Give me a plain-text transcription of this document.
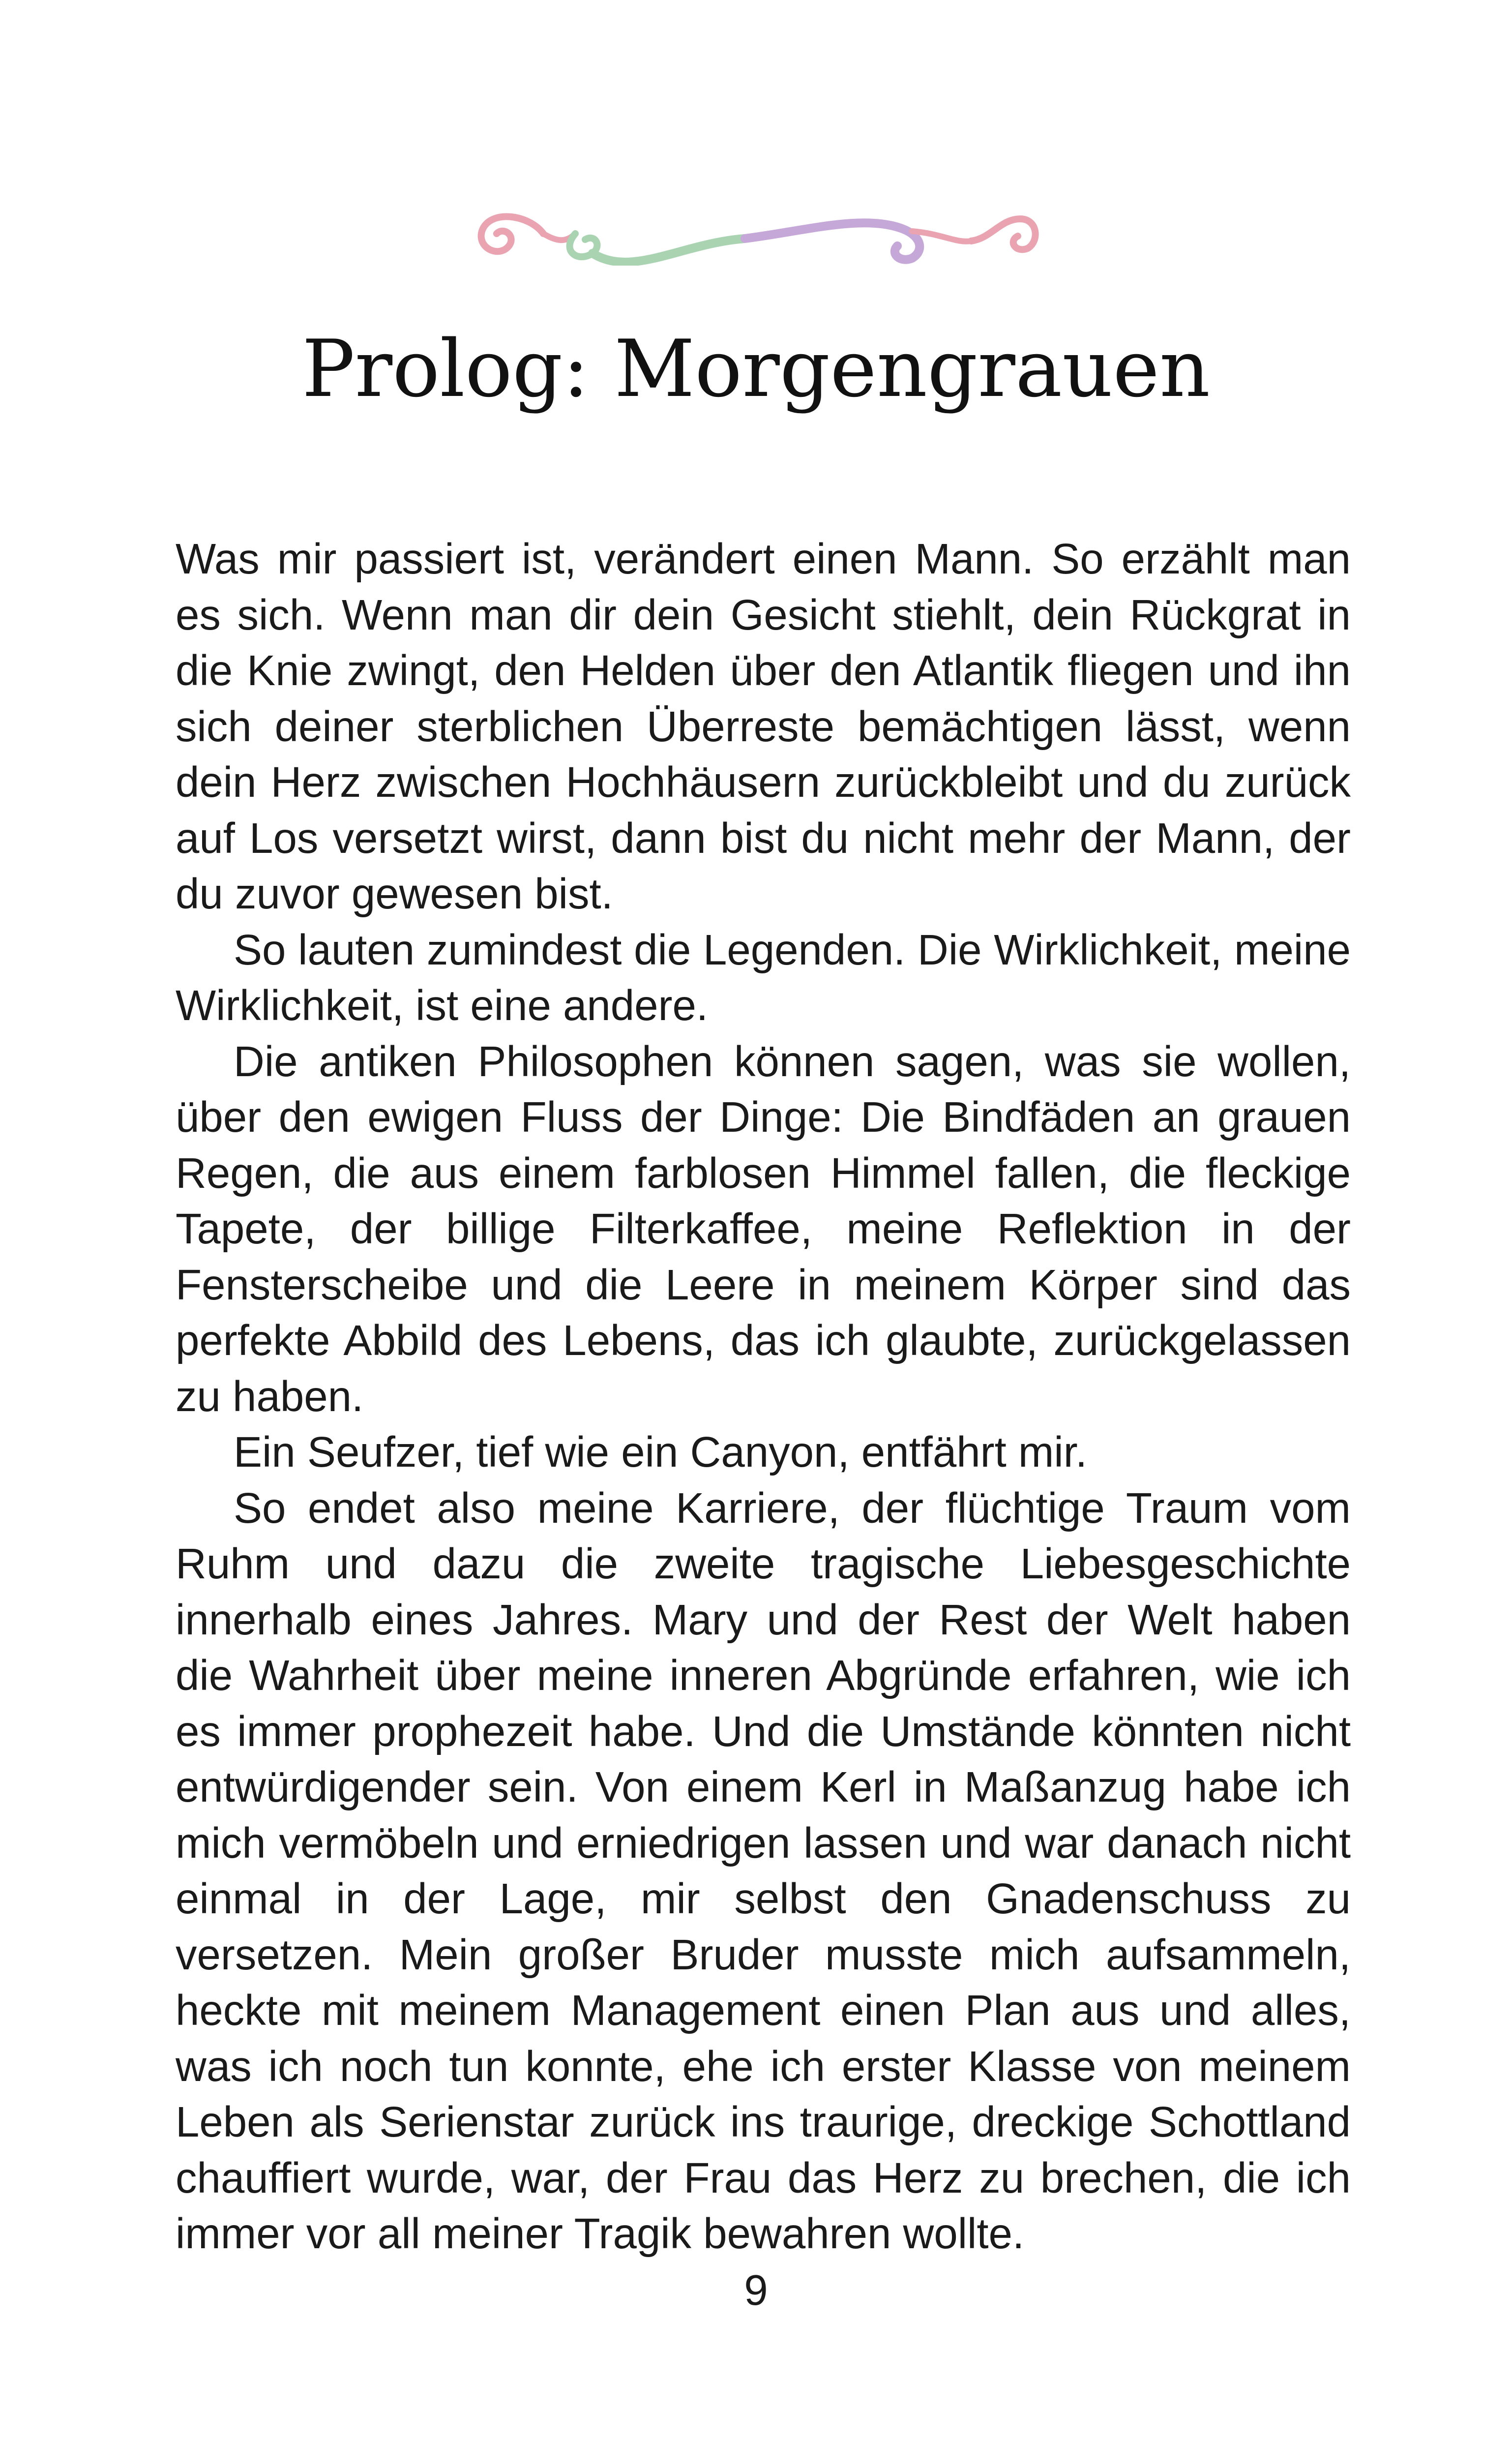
Prolog: Morgengrauen

Was mir passiert ist, verändert einen Mann. So erzählt man es sich. Wenn man dir dein Gesicht stiehlt, dein Rückgrat in die Knie zwingt, den Helden über den Atlantik fliegen und ihn sich deiner sterblichen Überreste bemächtigen lässt, wenn dein Herz zwischen Hochhäusern zurückbleibt und du zurück auf Los versetzt wirst, dann bist du nicht mehr der Mann, der du zuvor gewesen bist.

So lauten zumindest die Legenden. Die Wirklichkeit, meine Wirklichkeit, ist eine andere.

Die antiken Philosophen können sagen, was sie wollen, über den ewigen Fluss der Dinge: Die Bindfäden an grauen Regen, die aus einem farblosen Himmel fallen, die fleckige Tapete, der billige Filterkaffee, meine Reflektion in der Fensterscheibe und die Leere in meinem Körper sind das perfekte Abbild des Lebens, das ich glaubte, zurückgelassen zu haben.

Ein Seufzer, tief wie ein Canyon, entfährt mir.

So endet also meine Karriere, der flüchtige Traum vom Ruhm und dazu die zweite tragische Liebesgeschichte innerhalb eines Jahres. Mary und der Rest der Welt haben die Wahrheit über meine inneren Abgründe erfahren, wie ich es immer prophezeit habe. Und die Umstände könnten nicht entwürdigender sein. Von einem Kerl in Maßanzug habe ich mich vermöbeln und erniedrigen lassen und war danach nicht einmal in der Lage, mir selbst den Gnadenschuss zu versetzen. Mein großer Bruder musste mich aufsammeln, heckte mit meinem Management einen Plan aus und alles, was ich noch tun konnte, ehe ich erster Klasse von meinem Leben als Serienstar zurück ins traurige, dreckige Schottland chauffiert wurde, war, der Frau das Herz zu brechen, die ich immer vor all meiner Tragik bewahren wollte.

9
